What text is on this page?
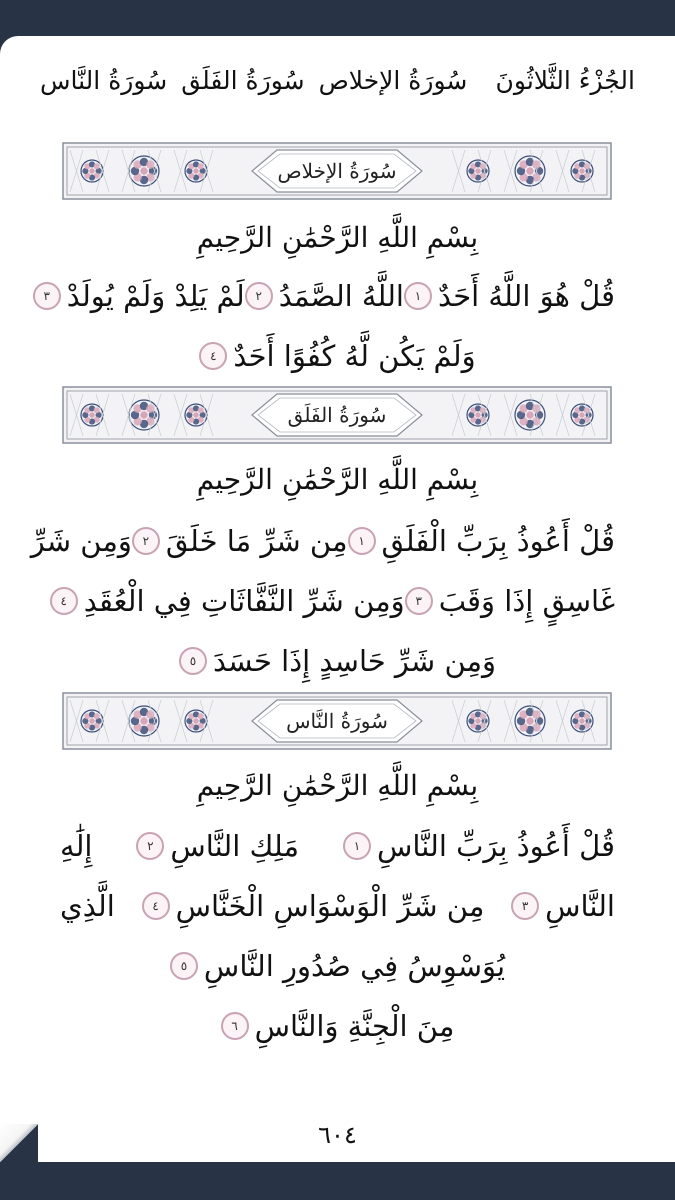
الجُزْءُ الثَّلاثُونَ
سُورَةُ الإخلاص
سُورَةُ الفَلَق
سُورَةُ النَّاس
سُورَةُ الإخلاص
بِسْمِ اللَّهِ الرَّحْمَٰنِ الرَّحِيمِ
قُلْ هُوَ اللَّهُ أَحَدٌ
١
اللَّهُ الصَّمَدُ
٢
لَمْ يَلِدْ وَلَمْ يُولَدْ
٣
وَلَمْ يَكُن لَّهُ كُفُوًا أَحَدٌ
٤
سُورَةُ الفَلَق
بِسْمِ اللَّهِ الرَّحْمَٰنِ الرَّحِيمِ
قُلْ أَعُوذُ بِرَبِّ الْفَلَقِ
١
مِن شَرِّ مَا خَلَقَ
٢
وَمِن شَرِّ
غَاسِقٍ إِذَا وَقَبَ
٣
وَمِن شَرِّ النَّفَّاثَاتِ فِي الْعُقَدِ
٤
وَمِن شَرِّ حَاسِدٍ إِذَا حَسَدَ
٥
سُورَةُ النَّاس
بِسْمِ اللَّهِ الرَّحْمَٰنِ الرَّحِيمِ
قُلْ أَعُوذُ بِرَبِّ النَّاسِ
١
مَلِكِ النَّاسِ
٢
إِلَٰهِ
النَّاسِ
٣
مِن شَرِّ الْوَسْوَاسِ الْخَنَّاسِ
٤
الَّذِي
يُوَسْوِسُ فِي صُدُورِ النَّاسِ
٥
مِنَ الْجِنَّةِ وَالنَّاسِ
٦
٦٠٤
